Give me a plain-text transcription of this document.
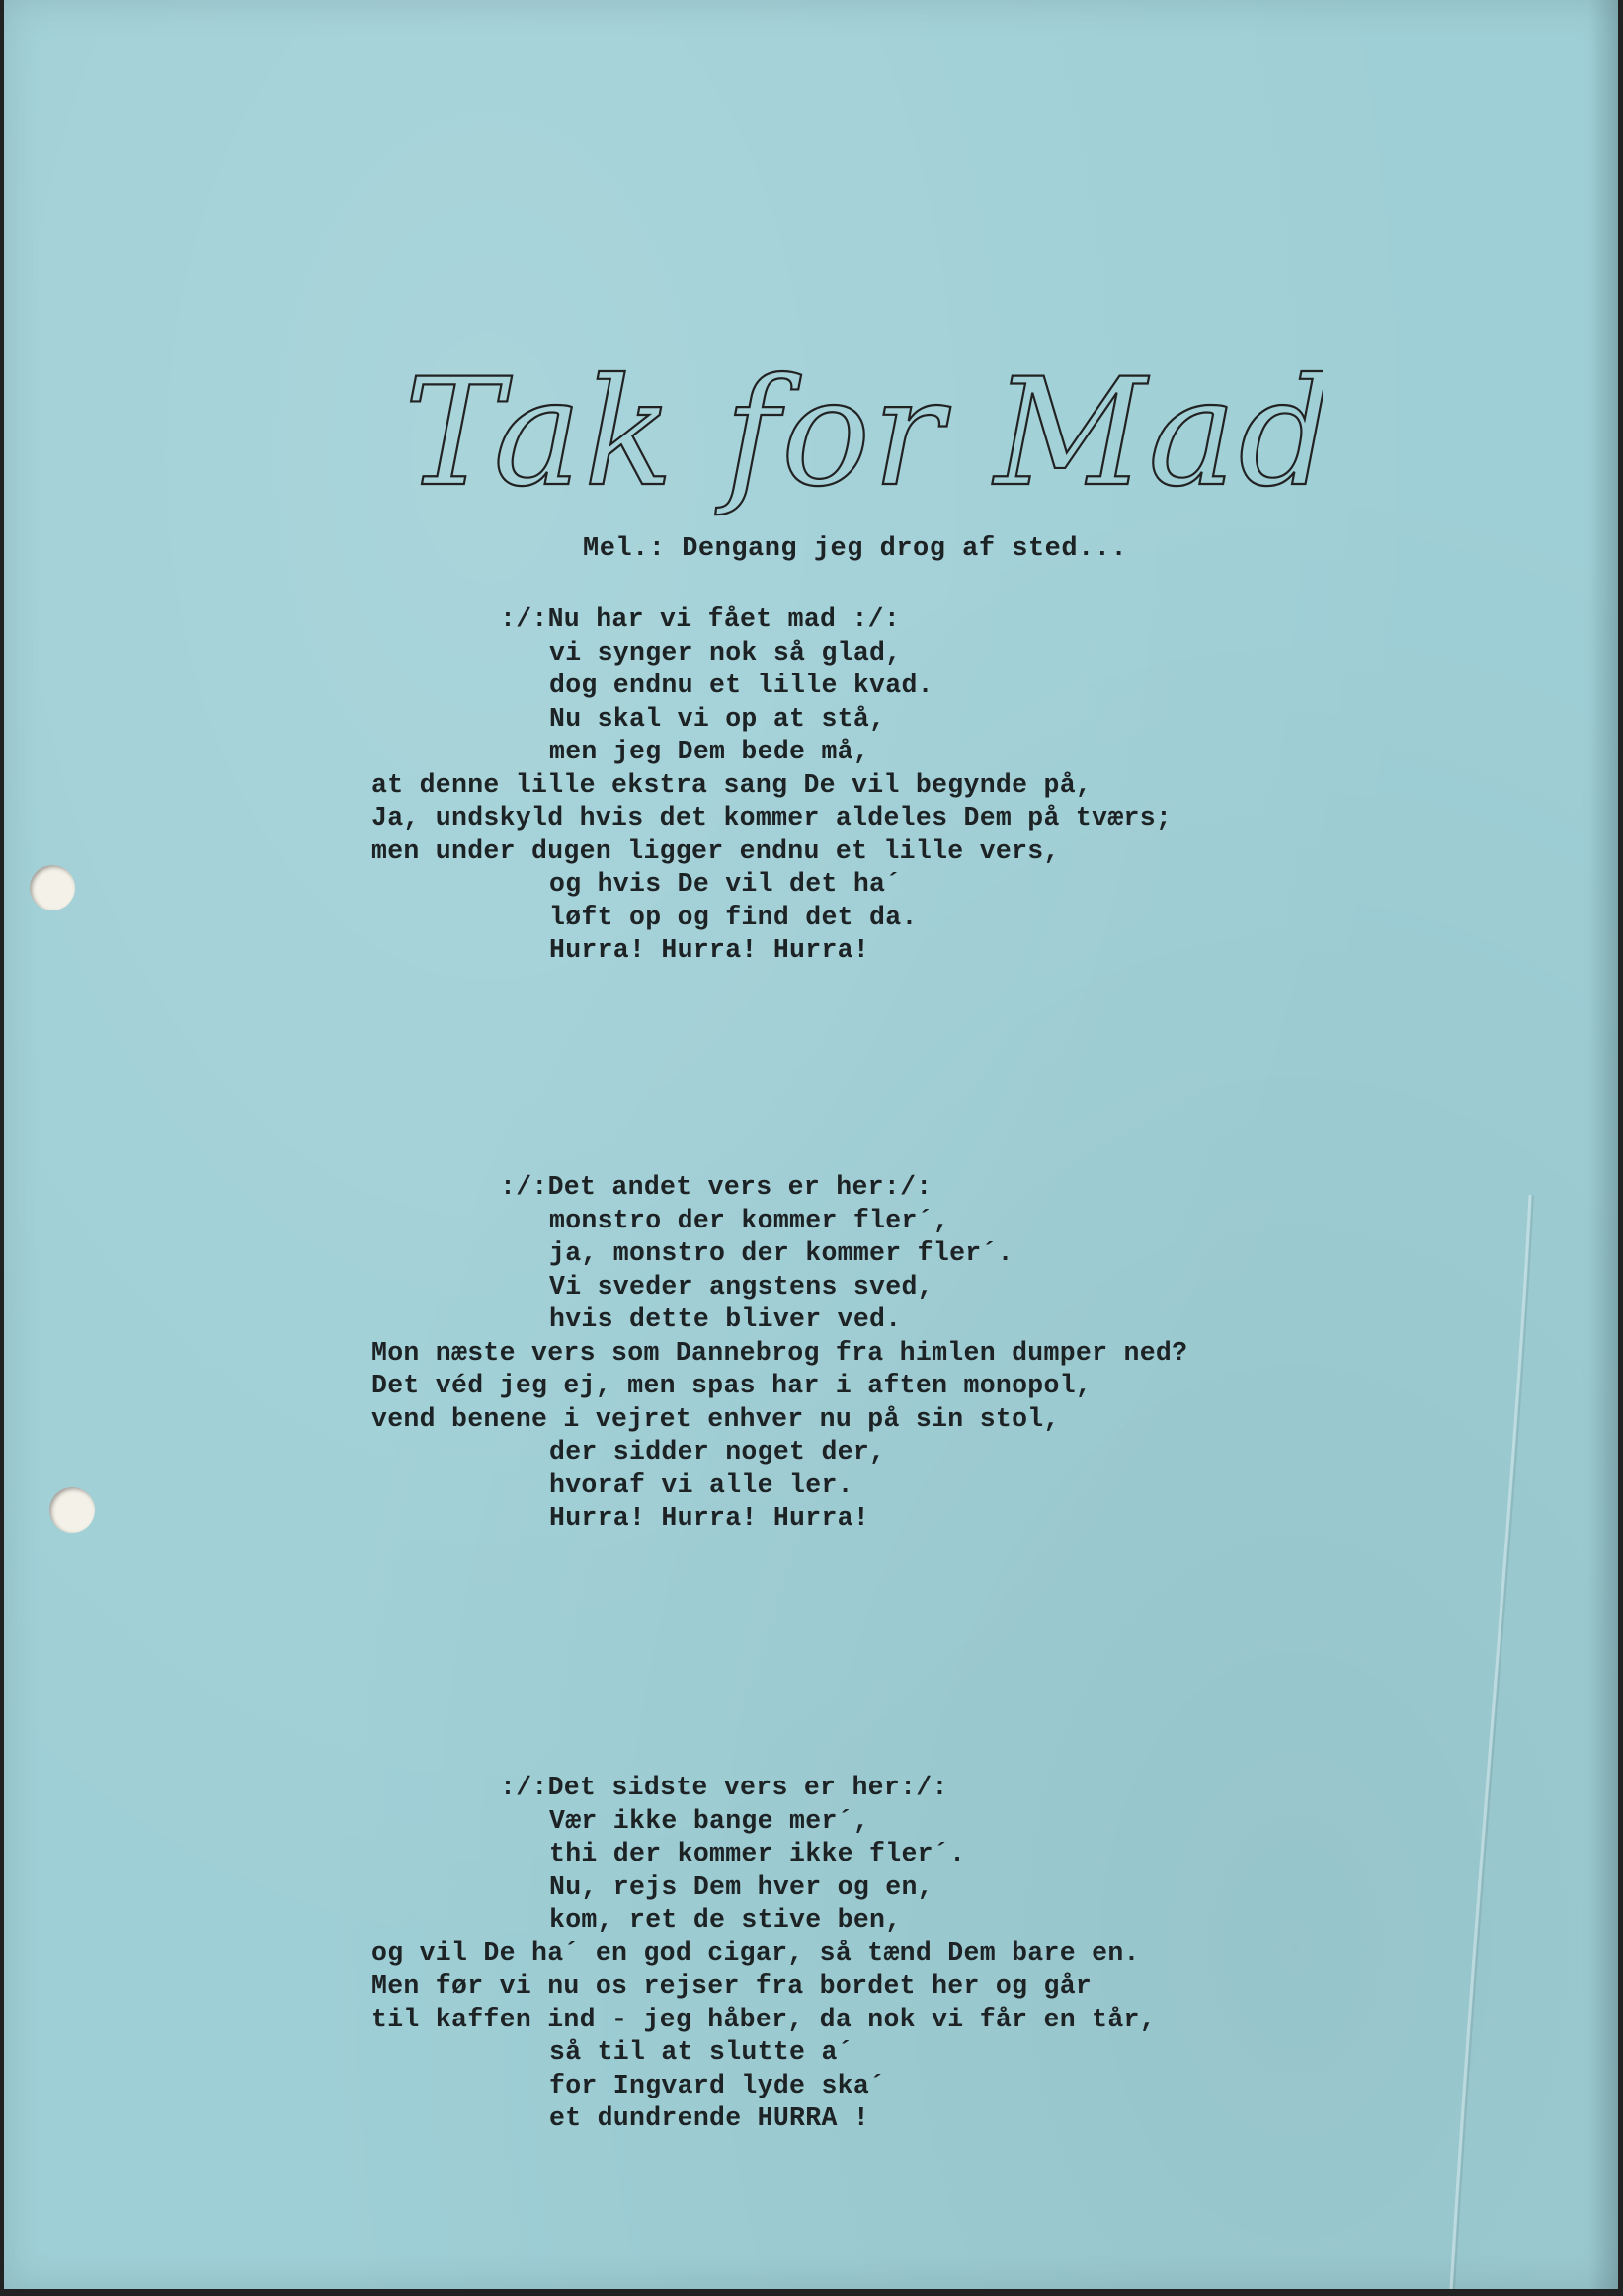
Tak for Mad
Mel.: Dengang jeg drog af sted...
:/:Nu har vi fået mad :/:
vi synger nok så glad,
dog endnu et lille kvad.
Nu skal vi op at stå,
men jeg Dem bede må,
at denne lille ekstra sang De vil begynde på,
Ja, undskyld hvis det kommer aldeles Dem på tværs;
men under dugen ligger endnu et lille vers,
og hvis De vil det ha´
løft op og find det da.
Hurra! Hurra! Hurra!
:/:Det andet vers er her:/:
monstro der kommer fler´,
ja, monstro der kommer fler´.
Vi sveder angstens sved,
hvis dette bliver ved.
Mon næste vers som Dannebrog fra himlen dumper ned?
Det véd jeg ej, men spas har i aften monopol,
vend benene i vejret enhver nu på sin stol,
der sidder noget der,
hvoraf vi alle ler.
Hurra! Hurra! Hurra!
:/:Det sidste vers er her:/:
Vær ikke bange mer´,
thi der kommer ikke fler´.
Nu, rejs Dem hver og en,
kom, ret de stive ben,
og vil De ha´ en god cigar, så tænd Dem bare en.
Men før vi nu os rejser fra bordet her og går
til kaffen ind - jeg håber, da nok vi får en tår,
så til at slutte a´
for Ingvard lyde ska´
et dundrende HURRA !
